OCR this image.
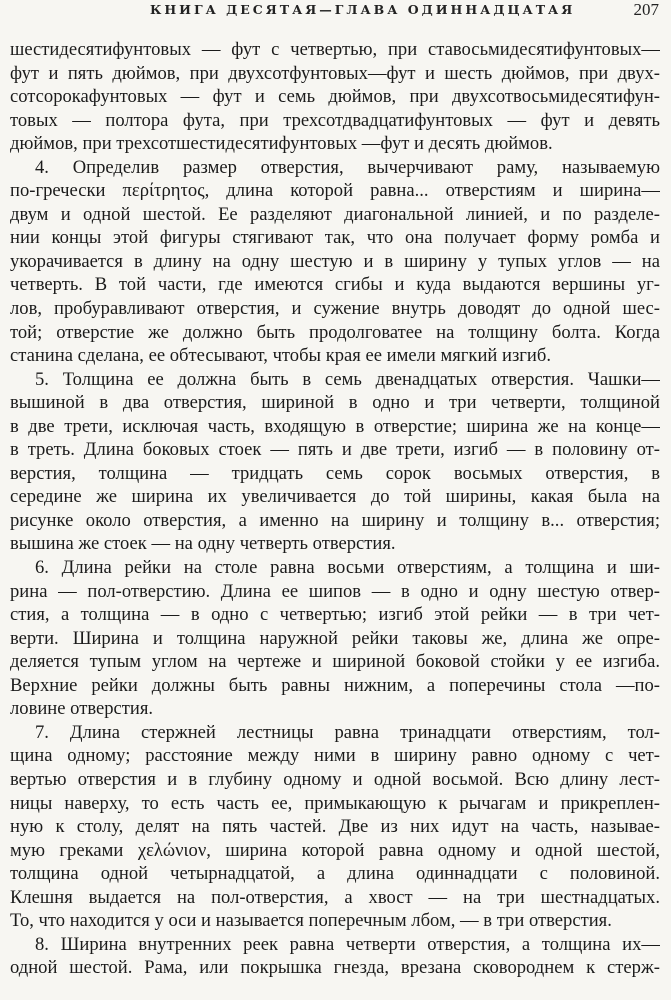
КНИГА ДЕСЯТАЯ—ГЛАВА ОДИННАДЦАТАЯ	207
шестидесятифунтовых — фут с четвертью, при ставосьмидесятифунтовых—
фут и пять дюймов, при двухсотфунтовых—фут и шесть дюймов, при двух-
сотсорокафунтовых — фут и семь дюймов, при двухсотвосьмидесятифун-
товых — полтора фута, при трехсотдвадцатифунтовых — фут и девять
дюймов, при трехсотшестидесятифунтовых —фут и десять дюймов.
4. Определив размер отверстия, вычерчивают раму, называемую
по-гречески περίτρητος, длина которой равна... отверстиям и ширина—
двум и одной шестой. Ее разделяют диагональной линией, и по разделе-
нии концы этой фигуры стягивают так, что она получает форму ромба и
укорачивается в длину на одну шестую и в ширину у тупых углов — на
четверть. В той части, где имеются сгибы и куда выдаются вершины уг-
лов, пробуравливают отверстия, и сужение внутрь доводят до одной шес-
той; отверстие же должно быть продолговатее на толщину болта. Когда
станина сделана, ее обтесывают, чтобы края ее имели мягкий изгиб.
5. Толщина ее должна быть в семь двенадцатых отверстия. Чашки—
вышиной в два отверстия, шириной в одно и три четверти, толщиной
в две трети, исключая часть, входящую в отверстие; ширина же на конце—
в треть. Длина боковых стоек — пять и две трети, изгиб — в половину от-
верстия, толщина — тридцать семь сорок восьмых отверстия, в
середине же ширина их увеличивается до той ширины, какая была на
рисунке около отверстия, а именно на ширину и толщину в... отверстия;
вышина же стоек — на одну четверть отверстия.
6. Длина рейки на столе равна восьми отверстиям, а толщина и ши-
рина — пол-отверстию. Длина ее шипов — в одно и одну шестую отвер-
стия, а толщина — в одно с четвертью; изгиб этой рейки — в три чет-
верти. Ширина и толщина наружной рейки таковы же, длина же опре-
деляется тупым углом на чертеже и шириной боковой стойки у ее изгиба.
Верхние рейки должны быть равны нижним, а поперечины стола —по-
ловине отверстия.
7. Длина стержней лестницы равна тринадцати отверстиям, тол-
щина одному; расстояние между ними в ширину равно одному с чет-
вертью отверстия и в глубину одному и одной восьмой. Всю длину лест-
ницы наверху, то есть часть ее, примыкающую к рычагам и прикреплен-
ную к столу, делят на пять частей. Две из них идут на часть, называе-
мую греками χελώνιον, ширина которой равна одному и одной шестой,
толщина одной четырнадцатой, а длина одиннадцати с половиной.
Клешня выдается на пол-отверстия, а хвост — на три шестнадцатых.
То, что находится у оси и называется поперечным лбом, — в три отверстия.
8. Ширина внутренних реек равна четверти отверстия, а толщина их—
одной шестой. Рама, или покрышка гнезда, врезана сковороднем к стерж-
